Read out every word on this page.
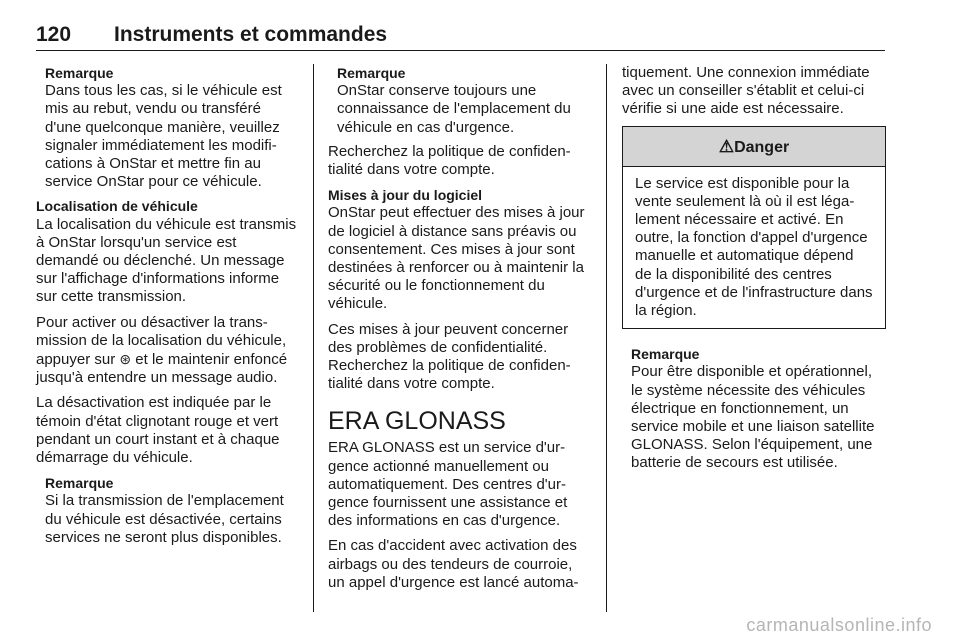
120 Instruments et commandes
Remarque
Dans tous les cas, si le véhicule est mis au rebut, vendu ou transféré d'une quelconque manière, veuillez signaler immédiatement les modifications à OnStar et mettre fin au service OnStar pour ce véhicule.
Localisation de véhicule
La localisation du véhicule est transmis à OnStar lorsqu'un service est demandé ou déclenché. Un message sur l'affichage d'informations informe sur cette transmission.
Pour activer ou désactiver la transmission de la localisation du véhicule, appuyer sur ⊛ et le maintenir enfoncé jusqu'à entendre un message audio.
La désactivation est indiquée par le témoin d'état clignotant rouge et vert pendant un court instant et à chaque démarrage du véhicule.
Remarque
Si la transmission de l'emplacement du véhicule est désactivée, certains services ne seront plus disponibles.
Remarque
OnStar conserve toujours une connaissance de l'emplacement du véhicule en cas d'urgence.
Recherchez la politique de confidentialité dans votre compte.
Mises à jour du logiciel
OnStar peut effectuer des mises à jour de logiciel à distance sans préavis ou consentement. Ces mises à jour sont destinées à renforcer ou à maintenir la sécurité ou le fonctionnement du véhicule.
Ces mises à jour peuvent concerner des problèmes de confidentialité. Recherchez la politique de confidentialité dans votre compte.
ERA GLONASS
ERA GLONASS est un service d'urgence actionné manuellement ou automatiquement. Des centres d'urgence fournissent une assistance et des informations en cas d'urgence.
En cas d'accident avec activation des airbags ou des tendeurs de courroie, un appel d'urgence est lancé automa-
tiquement. Une connexion immédiate avec un conseiller s'établit et celui-ci vérifie si une aide est nécessaire.
⚠Danger
Le service est disponible pour la vente seulement là où il est légalement nécessaire et activé. En outre, la fonction d'appel d'urgence manuelle et automatique dépend de la disponibilité des centres d'urgence et de l'infrastructure dans la région.
Remarque
Pour être disponible et opérationnel, le système nécessite des véhicules électrique en fonctionnement, un service mobile et une liaison satellite GLONASS. Selon l'équipement, une batterie de secours est utilisée.
carmanualsonline.info
